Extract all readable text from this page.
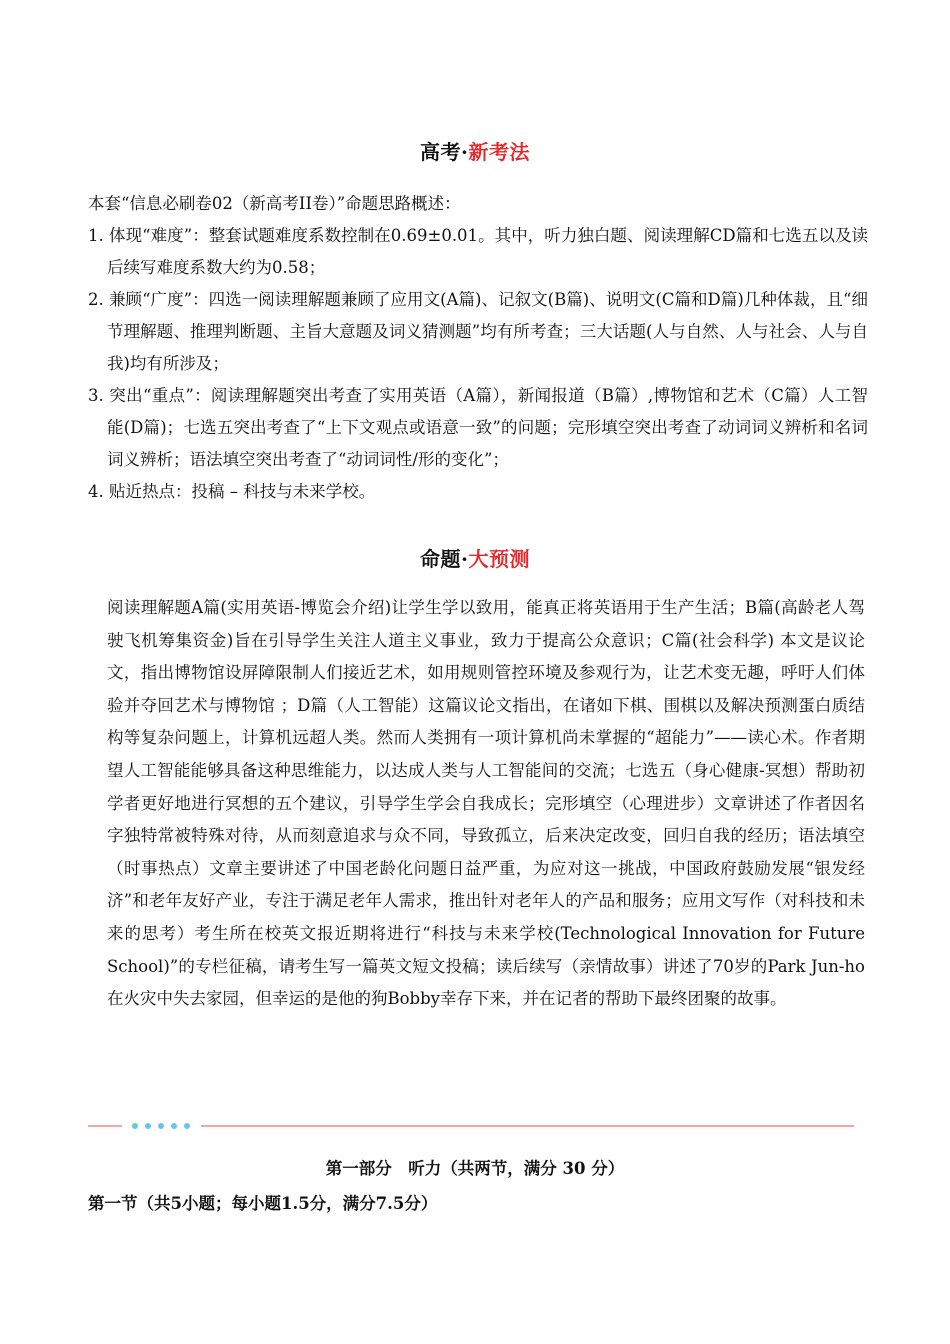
高考·新考法
本套“信息必刷卷02（新高考II卷）”命题思路概述：
1. 体现“难度”：整套试题难度系数控制在0.69±0.01。其中，听力独白题、阅读理解CD篇和七选五以及读后续写难度系数大约为0.58；
2. 兼顾“广度”：四选一阅读理解题兼顾了应用文(A篇)、记叙文(B篇)、说明文(C篇和D篇)几种体裁，且“细节理解题、推理判断题、主旨大意题及词义猜测题”均有所考查；三大话题(人与自然、人与社会、人与自我)均有所涉及；
3. 突出“重点”：阅读理解题突出考查了实用英语（A篇），新闻报道（B篇）,博物馆和艺术（C篇）人工智能(D篇)；七选五突出考查了“上下文观点或语意一致”的问题；完形填空突出考查了动词词义辨析和名词词义辨析；语法填空突出考查了“动词词性/形的变化”；
4. 贴近热点：投稿 – 科技与未来学校。
命题·大预测

阅读理解题A篇(实用英语-博览会介绍)让学生学以致用，能真正将英语用于生产生活；B篇(高龄老人驾驶飞机筹集资金)旨在引导学生关注人道主义事业，致力于提高公众意识；C篇(社会科学) 本文是议论文，指出博物馆设屏障限制人们接近艺术，如用规则管控环境及参观行为，让艺术变无趣，呼吁人们体验并夺回艺术与博物馆 ；D篇（人工智能）这篇议论文指出，在诸如下棋、围棋以及解决预测蛋白质结构等复杂问题上，计算机远超人类。然而人类拥有一项计算机尚未掌握的“超能力”——读心术。作者期望人工智能能够具备这种思维能力，以达成人类与人工智能间的交流；七选五（身心健康-冥想）帮助初学者更好地进行冥想的五个建议，引导学生学会自我成长；完形填空（心理进步）文章讲述了作者因名字独特常被特殊对待，从而刻意追求与众不同，导致孤立，后来决定改变，回归自我的经历；语法填空（时事热点）文章主要讲述了中国老龄化问题日益严重，为应对这一挑战，中国政府鼓励发展“银发经济”和老年友好产业，专注于满足老年人需求，推出针对老年人的产品和服务；应用文写作（对科技和未来的思考）考生所在校英文报近期将进行“科技与未来学校(Technological Innovation for Future School)”的专栏征稿，请考生写一篇英文短文投稿；读后续写（亲情故事）讲述了70岁的Park Jun-ho在火灾中失去家园，但幸运的是他的狗Bobby幸存下来，并在记者的帮助下最终团聚的故事。

第一部分　听力（共两节，满分 30 分）
第一节（共5小题；每小题1.5分，满分7.5分）
